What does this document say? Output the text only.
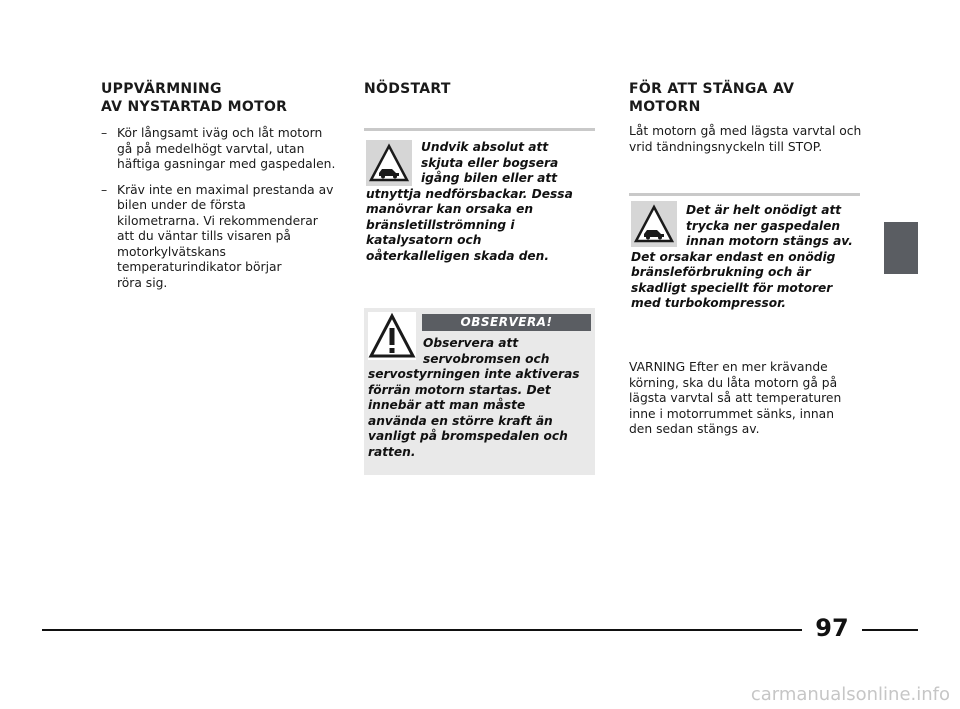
UPPVÄRMNING
AV NYSTARTAD MOTOR
– Kör långsamt iväg och låt motorn
gå på medelhögt varvtal, utan
häftiga gasningar med gaspedalen.
– Kräv inte en maximal prestanda av
bilen under de första
kilometrarna. Vi rekommenderar
att du väntar tills visaren på
motorkylvätskans
temperaturindikator börjar
röra sig.
NÖDSTART
Undvik absolut att
skjuta eller bogsera
igång bilen eller att
utnyttja nedförsbackar. Dessa
manövrar kan orsaka en
bränsletillströmning i
katalysatorn och
oåterkalleligen skada den.
OBSERVERA!
Observera att
servobromsen och
servostyrningen inte aktiveras
förrän motorn startas. Det
innebär att man måste
använda en större kraft än
vanligt på bromspedalen och
ratten.
FÖR ATT STÄNGA AV
MOTORN
Låt motorn gå med lägsta varvtal och
vrid tändningsnyckeln till STOP.
Det är helt onödigt att
trycka ner gaspedalen
innan motorn stängs av.
Det orsakar endast en onödig
bränsleförbrukning och är
skadligt speciellt för motorer
med turbokompressor.
VARNING Efter en mer krävande
körning, ska du låta motorn gå på
lägsta varvtal så att temperaturen
inne i motorrummet sänks, innan
den sedan stängs av.
97
carmanualsonline.info
